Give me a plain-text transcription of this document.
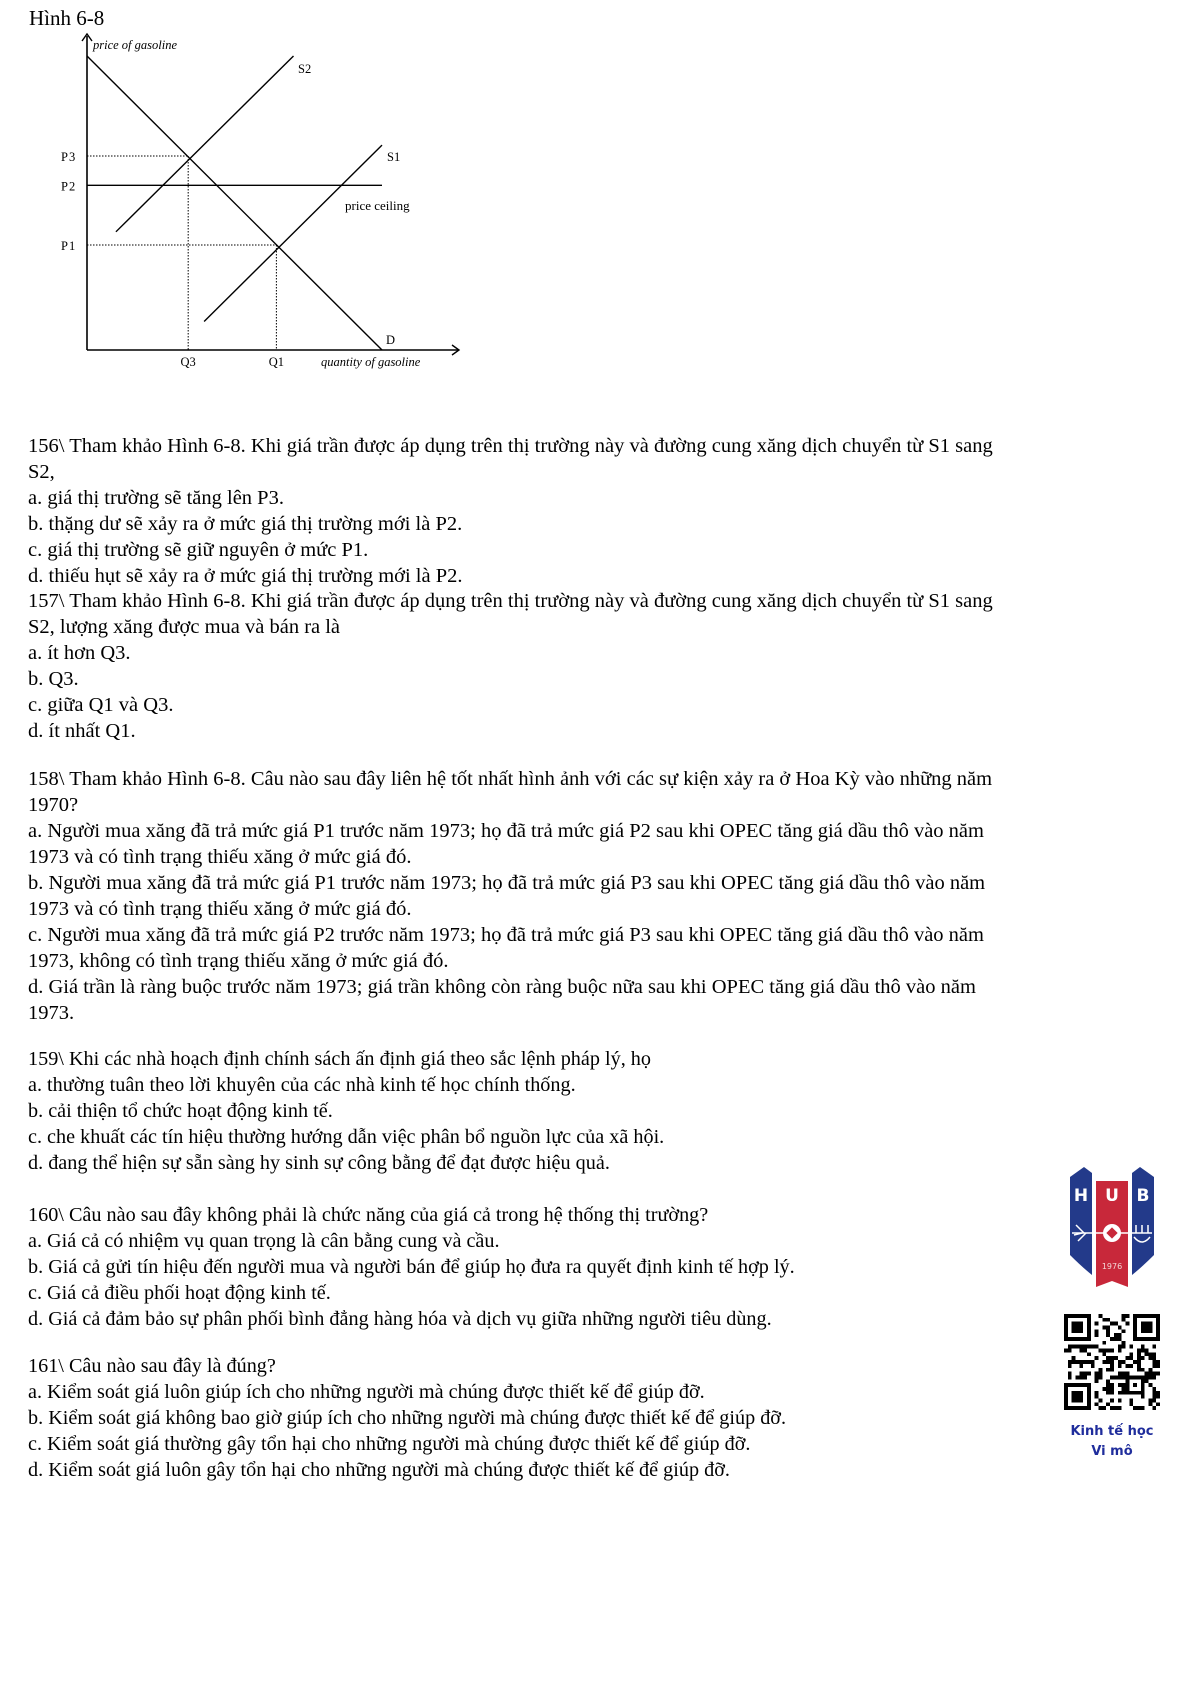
Hình 6-8
price of gasoline
quantity of gasoline
P3
P2
P1
Q3	Q1
D
S1
S2
price ceiling
156\ Tham khảo Hình 6-8. Khi giá trần được áp dụng trên thị trường này và đường cung xăng dịch chuyển từ S1 sang
S2,
a. giá thị trường sẽ tăng lên P3.
b. thặng dư sẽ xảy ra ở mức giá thị trường mới là P2.
c. giá thị trường sẽ giữ nguyên ở mức P1.
d. thiếu hụt sẽ xảy ra ở mức giá thị trường mới là P2.
157\ Tham khảo Hình 6-8. Khi giá trần được áp dụng trên thị trường này và đường cung xăng dịch chuyển từ S1 sang
S2, lượng xăng được mua và bán ra là
a. ít hơn Q3.
b. Q3.
c. giữa Q1 và Q3.
d. ít nhất Q1.
158\ Tham khảo Hình 6-8. Câu nào sau đây liên hệ tốt nhất hình ảnh với các sự kiện xảy ra ở Hoa Kỳ vào những năm
1970?
a. Người mua xăng đã trả mức giá P1 trước năm 1973; họ đã trả mức giá P2 sau khi OPEC tăng giá dầu thô vào năm
1973 và có tình trạng thiếu xăng ở mức giá đó.
b. Người mua xăng đã trả mức giá P1 trước năm 1973; họ đã trả mức giá P3 sau khi OPEC tăng giá dầu thô vào năm
1973 và có tình trạng thiếu xăng ở mức giá đó.
c. Người mua xăng đã trả mức giá P2 trước năm 1973; họ đã trả mức giá P3 sau khi OPEC tăng giá dầu thô vào năm
1973, không có tình trạng thiếu xăng ở mức giá đó.
d. Giá trần là ràng buộc trước năm 1973; giá trần không còn ràng buộc nữa sau khi OPEC tăng giá dầu thô vào năm
1973.
159\ Khi các nhà hoạch định chính sách ấn định giá theo sắc lệnh pháp lý, họ
a. thường tuân theo lời khuyên của các nhà kinh tế học chính thống.
b. cải thiện tổ chức hoạt động kinh tế.
c. che khuất các tín hiệu thường hướng dẫn việc phân bổ nguồn lực của xã hội.
d. đang thể hiện sự sẵn sàng hy sinh sự công bằng để đạt được hiệu quả.
160\ Câu nào sau đây không phải là chức năng của giá cả trong hệ thống thị trường?
a. Giá cả có nhiệm vụ quan trọng là cân bằng cung và cầu.
b. Giá cả gửi tín hiệu đến người mua và người bán để giúp họ đưa ra quyết định kinh tế hợp lý.
c. Giá cả điều phối hoạt động kinh tế.
d. Giá cả đảm bảo sự phân phối bình đẳng hàng hóa và dịch vụ giữa những người tiêu dùng.
161\ Câu nào sau đây là đúng?
a. Kiểm soát giá luôn giúp ích cho những người mà chúng được thiết kế để giúp đỡ.
b. Kiểm soát giá không bao giờ giúp ích cho những người mà chúng được thiết kế để giúp đỡ.
c. Kiểm soát giá thường gây tổn hại cho những người mà chúng được thiết kế để giúp đỡ.
d. Kiểm soát giá luôn gây tổn hại cho những người mà chúng được thiết kế để giúp đỡ.
H U B
1976
Kinh tế học
Vi mô
